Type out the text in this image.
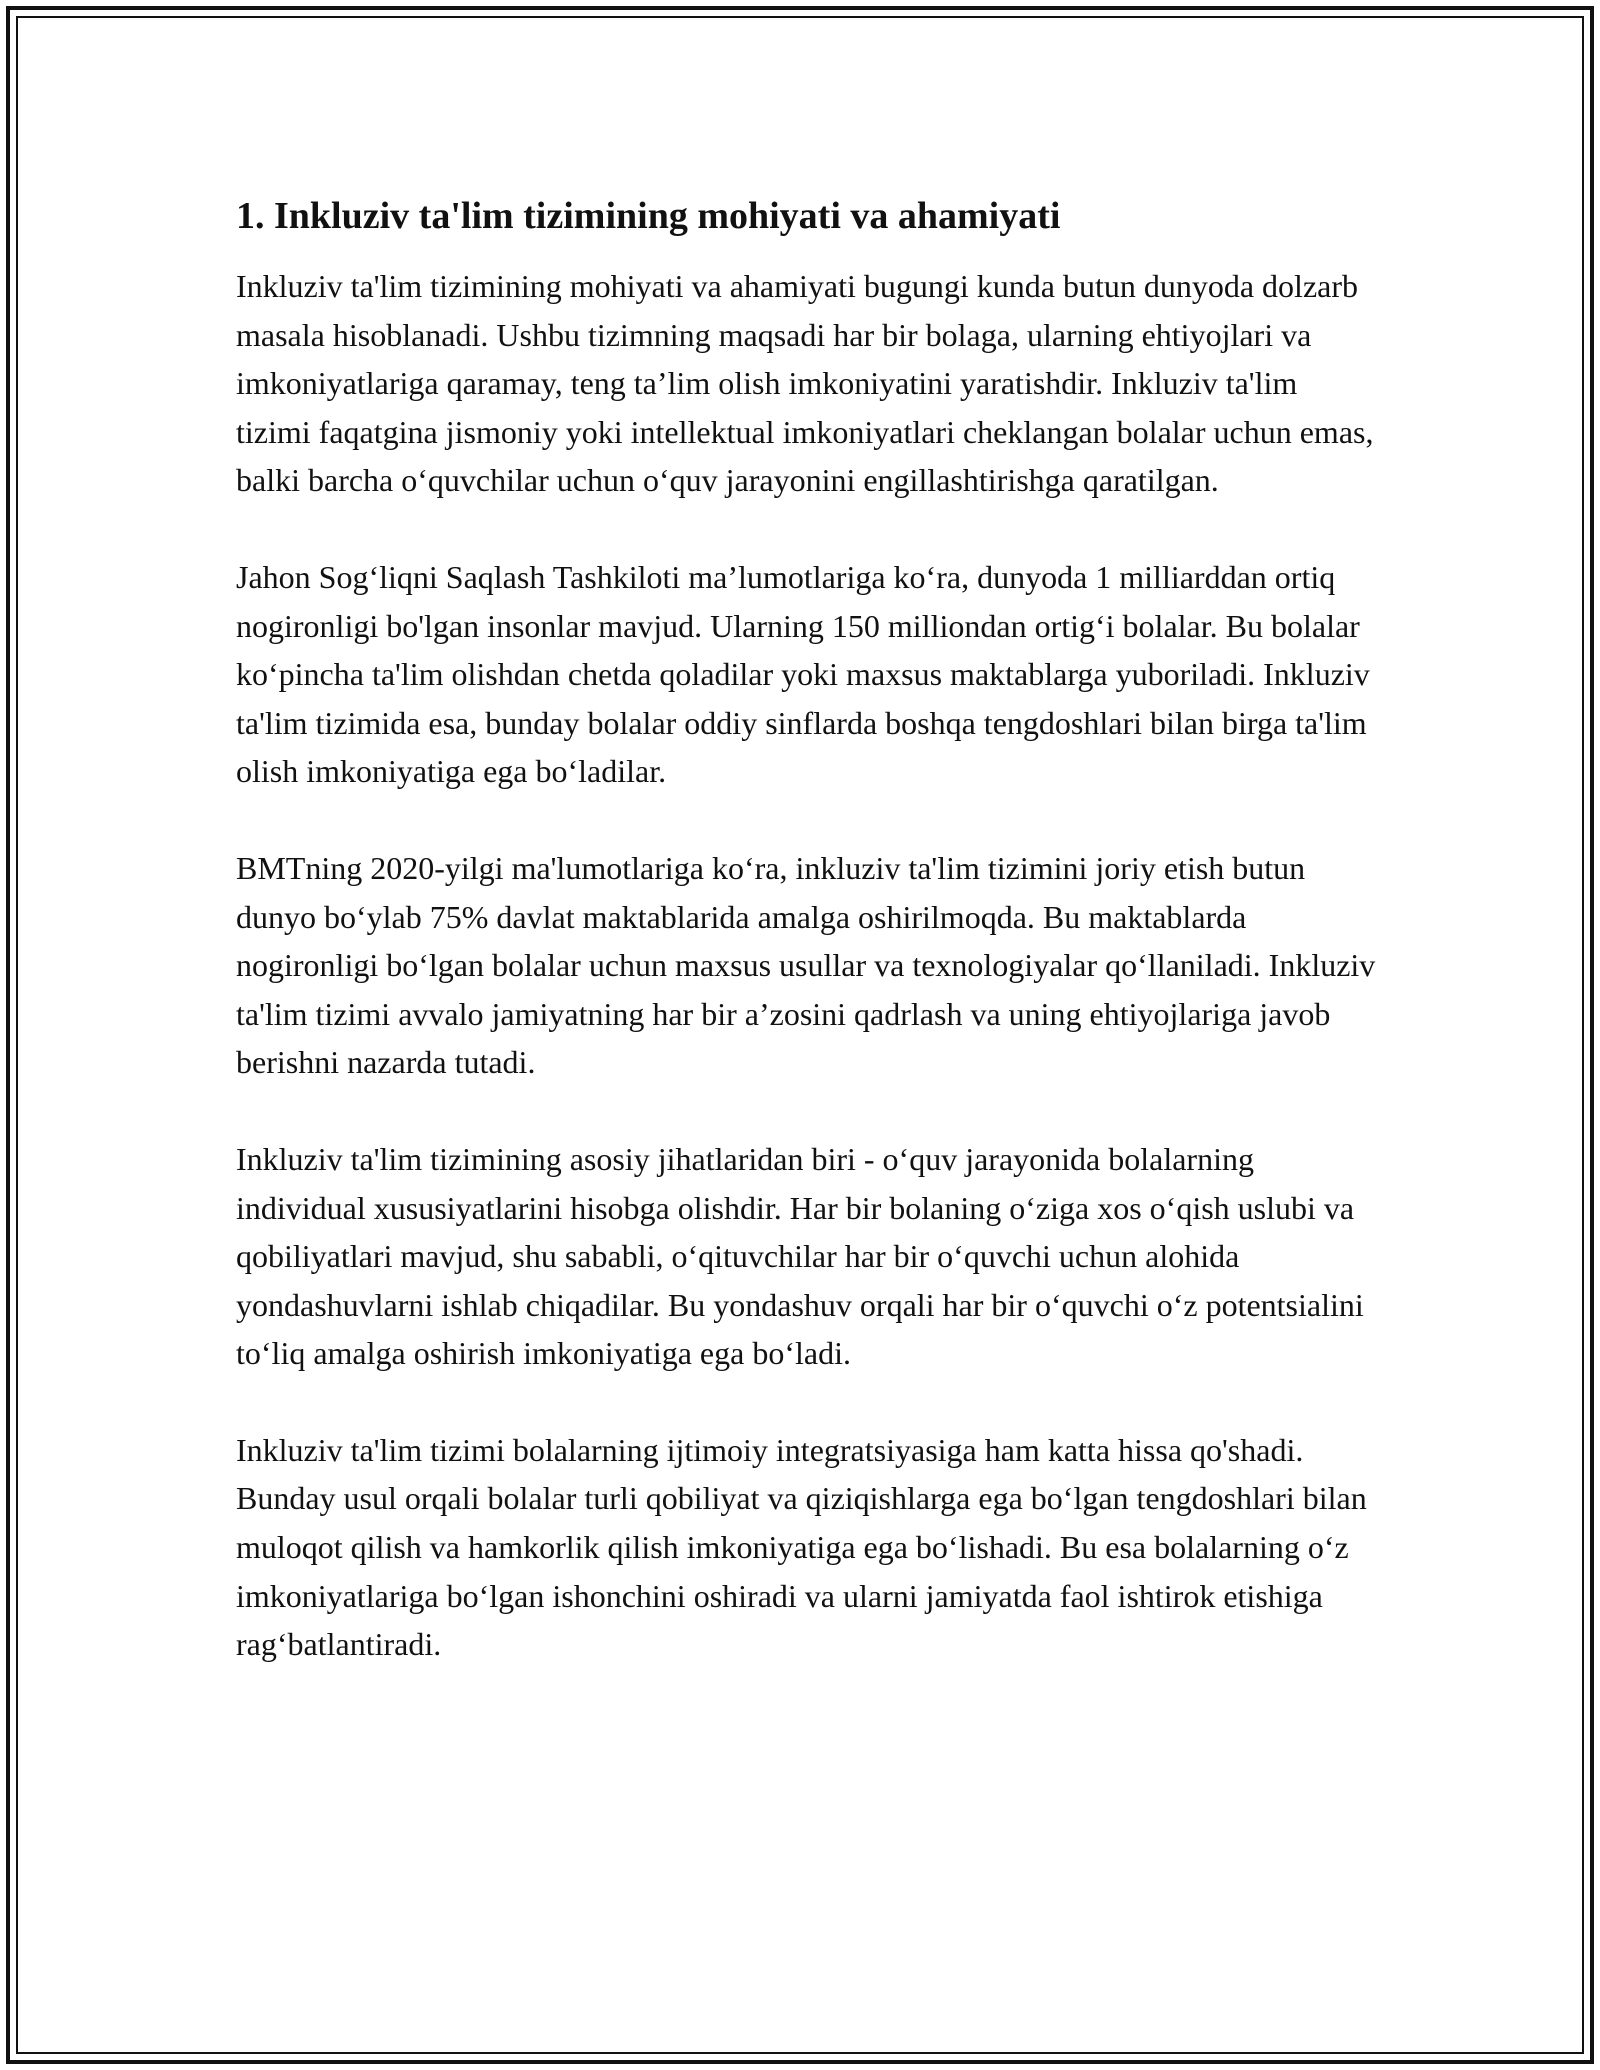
1. Inkluziv ta'lim tizimining mohiyati va ahamiyati

Inkluziv ta'lim tizimining mohiyati va ahamiyati bugungi kunda butun dunyoda dolzarb masala hisoblanadi. Ushbu tizimning maqsadi har bir bolaga, ularning ehtiyojlari va imkoniyatlariga qaramay, teng ta’lim olish imkoniyatini yaratishdir. Inkluziv ta'lim tizimi faqatgina jismoniy yoki intellektual imkoniyatlari cheklangan bolalar uchun emas, balki barcha o‘quvchilar uchun o‘quv jarayonini engillashtirishga qaratilgan.

Jahon Sog‘liqni Saqlash Tashkiloti ma’lumotlariga ko‘ra, dunyoda 1 milliarddan ortiq nogironligi bo'lgan insonlar mavjud. Ularning 150 milliondan ortig‘i bolalar. Bu bolalar ko‘pincha ta'lim olishdan chetda qoladilar yoki maxsus maktablarga yuboriladi. Inkluziv ta'lim tizimida esa, bunday bolalar oddiy sinflarda boshqa tengdoshlari bilan birga ta'lim olish imkoniyatiga ega bo‘ladilar.

BMTning 2020-yilgi ma'lumotlariga ko‘ra, inkluziv ta'lim tizimini joriy etish butun dunyo bo‘ylab 75% davlat maktablarida amalga oshirilmoqda. Bu maktablarda nogironligi bo‘lgan bolalar uchun maxsus usullar va texnologiyalar qo‘llaniladi. Inkluziv ta'lim tizimi avvalo jamiyatning har bir a’zosini qadrlash va uning ehtiyojlariga javob berishni nazarda tutadi.

Inkluziv ta'lim tizimining asosiy jihatlaridan biri - o‘quv jarayonida bolalarning individual xususiyatlarini hisobga olishdir. Har bir bolaning o‘ziga xos o‘qish uslubi va qobiliyatlari mavjud, shu sababli, o‘qituvchilar har bir o‘quvchi uchun alohida yondashuvlarni ishlab chiqadilar. Bu yondashuv orqali har bir o‘quvchi o‘z potentsialini to‘liq amalga oshirish imkoniyatiga ega bo‘ladi.

Inkluziv ta'lim tizimi bolalarning ijtimoiy integratsiyasiga ham katta hissa qo'shadi. Bunday usul orqali bolalar turli qobiliyat va qiziqishlarga ega bo‘lgan tengdoshlari bilan muloqot qilish va hamkorlik qilish imkoniyatiga ega bo‘lishadi. Bu esa bolalarning o‘z imkoniyatlariga bo‘lgan ishonchini oshiradi va ularni jamiyatda faol ishtirok etishiga rag‘batlantiradi.
